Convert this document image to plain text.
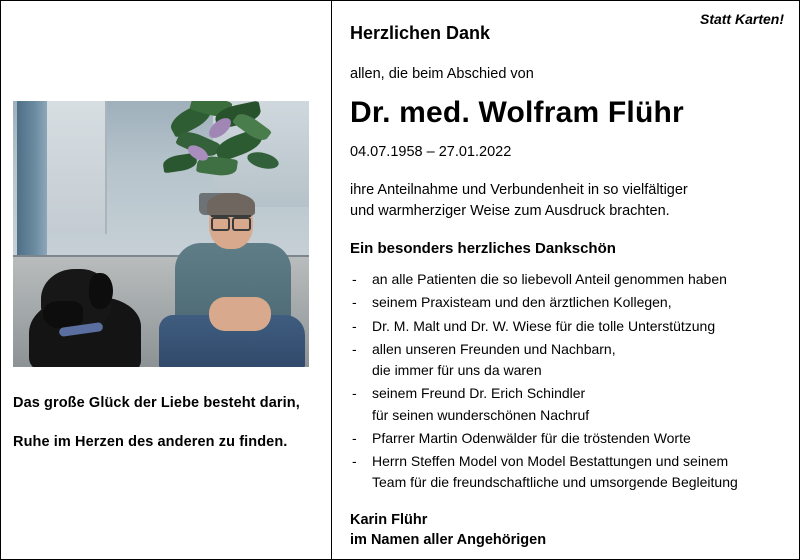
Das große Glück der Liebe besteht darin,
Ruhe im Herzen des anderen zu finden.
Statt Karten!
Herzlichen Dank

allen, die beim Abschied von

Dr. med. Wolfram Flühr

04.07.1958 – 27.01.2022

ihre Anteilnahme und Verbundenheit in so vielfältiger
und warmherziger Weise zum Ausdruck brachten.

Ein besonders herzliches Dankschön
- an alle Patienten die so liebevoll Anteil genommen haben
- seinem Praxisteam und den ärztlichen Kollegen,
- Dr. M. Malt und Dr. W. Wiese für die tolle Unterstützung
- allen unseren Freunden und Nachbarn,
die immer für uns da waren
- seinem Freund Dr. Erich Schindler
für seinen wunderschönen Nachruf
- Pfarrer Martin Odenwälder für die tröstenden Worte
- Herrn Steffen Model von Model Bestattungen und seinem
Team für die freundschaftliche und umsorgende Begleitung
Karin Flühr
im Namen aller Angehörigen
